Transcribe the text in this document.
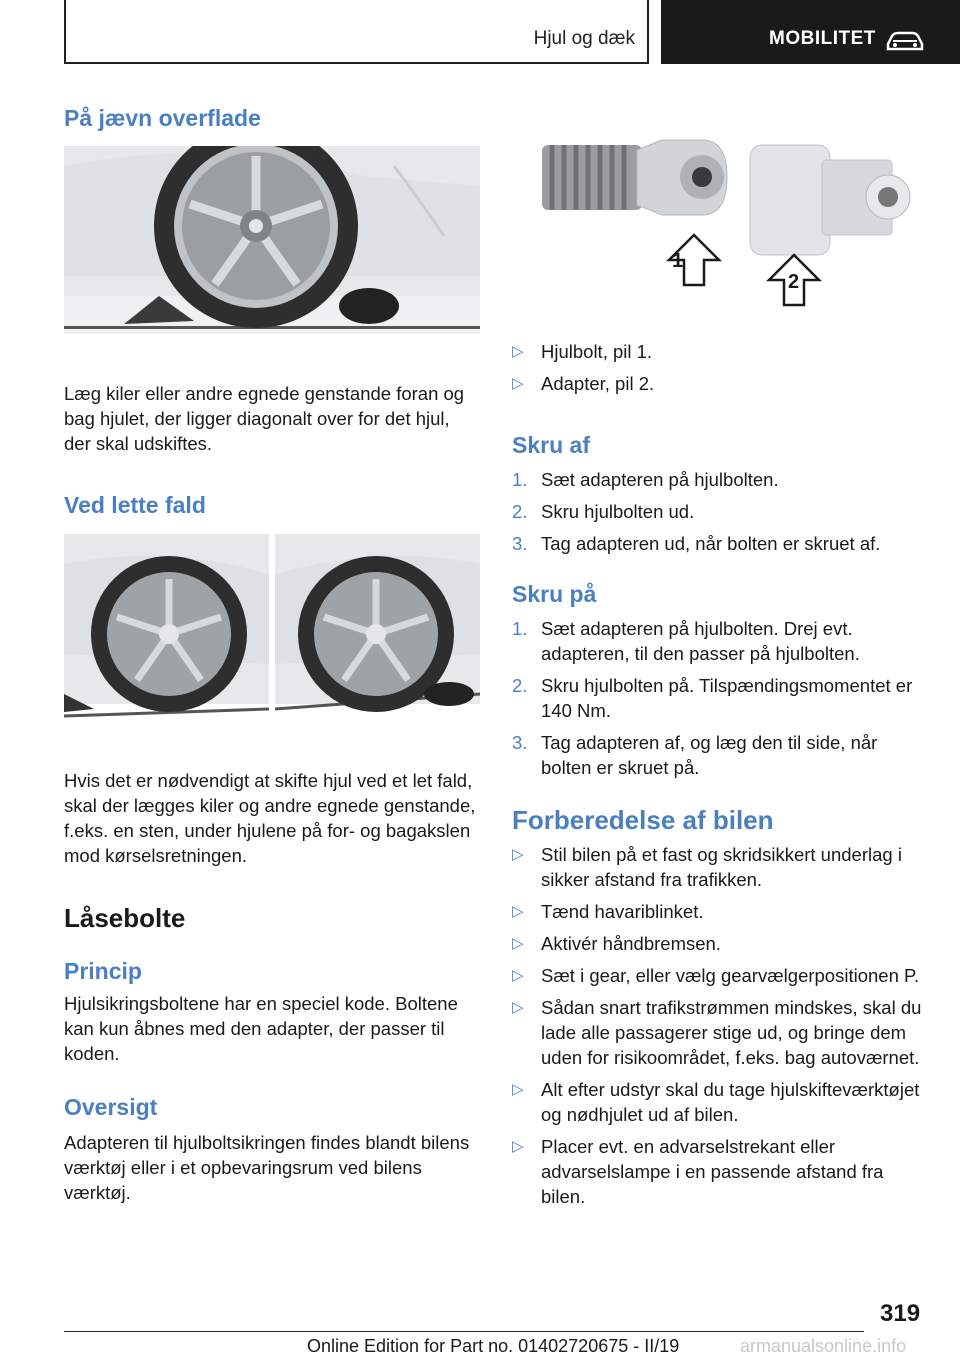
Hjul og dæk	MOBILITET
På jævn overflade

Læg kiler eller andre egnede genstande foran og bag hjulet, der ligger diagonalt over for det hjul, der skal udskiftes.

Ved lette fald

Hvis det er nødvendigt at skifte hjul ved et let fald, skal der lægges kiler og andre egnede genstande, f.eks. en sten, under hjulene på for- og bagakslen mod kørselsretningen.

Låsebolte
Princip

Hjulsikringsboltene har en speciel kode. Boltene kan kun åbnes med den adapter, der passer til koden.

Oversigt

Adapteren til hjulboltsikringen findes blandt bilens værktøj eller i et opbevaringsrum ved bilens værktøj.

1
2
▷ Hjulbolt, pil 1.
▷ Adapter, pil 2.
Skru af
1. Sæt adapteren på hjulbolten.
2. Skru hjulbolten ud.
3. Tag adapteren ud, når bolten er skruet af.
Skru på
1. Sæt adapteren på hjulbolten. Drej evt. adapteren, til den passer på hjulbolten.
2. Skru hjulbolten på. Tilspændingsmomentet er 140 Nm.
3. Tag adapteren af, og læg den til side, når bolten er skruet på.
Forberedelse af bilen
▷ Stil bilen på et fast og skridsikkert underlag i sikker afstand fra trafikken.
▷ Tænd havariblinket.
▷ Aktivér håndbremsen.
▷ Sæt i gear, eller vælg gearvælgerpositionen P.
▷ Sådan snart trafikstrømmen mindskes, skal du lade alle passagerer stige ud, og bringe dem uden for risikoområdet, f.eks. bag autoværnet.
▷ Alt efter udstyr skal du tage hjulskifteværktøjet og nødhjulet ud af bilen.
▷ Placer evt. en advarselstrekant eller advarselslampe i en passende afstand fra bilen.
319
Online Edition for Part no. 01402720675 - II/19	armanualsonline.info
